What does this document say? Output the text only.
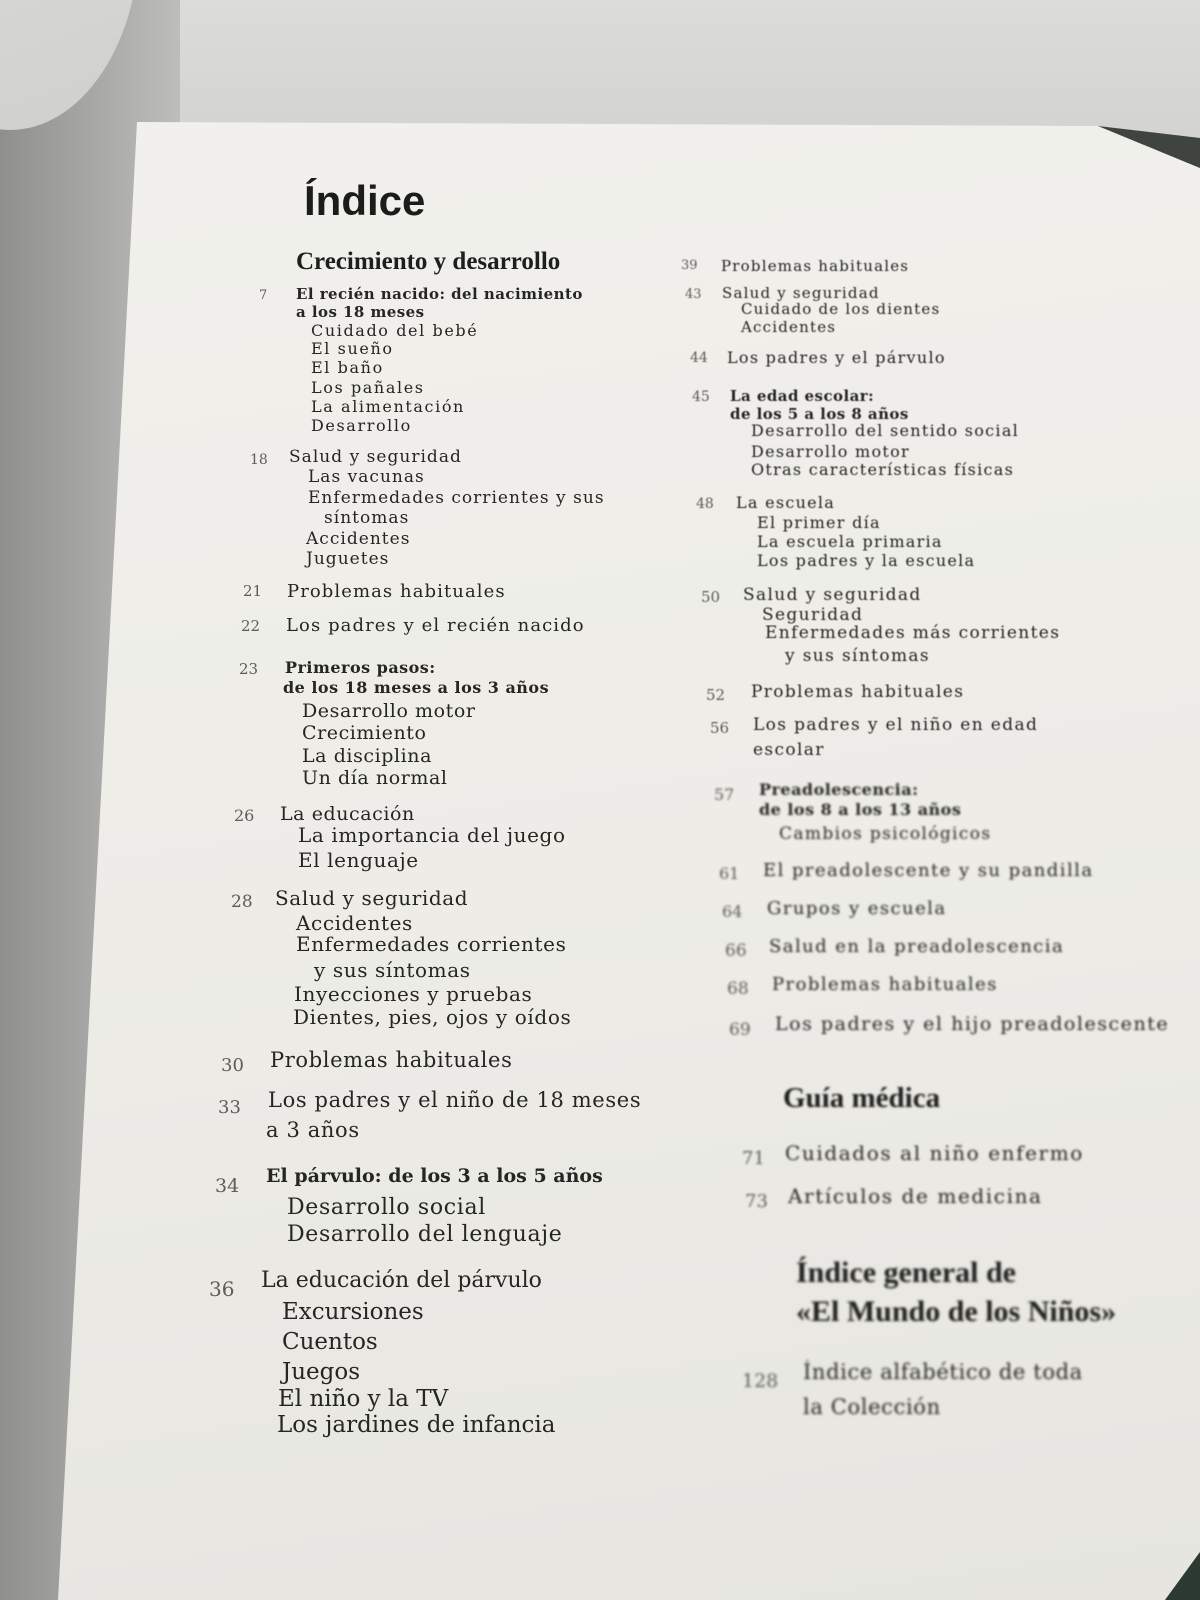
Índice
Crecimiento y desarrollo
7 El recién nacido: del nacimiento
a los 18 meses
Cuidado del bebé
El sueño
El baño
Los pañales
La alimentación
Desarrollo
18 Salud y seguridad
Las vacunas
Enfermedades corrientes y sus
síntomas
Accidentes
Juguetes
21 Problemas habituales
22 Los padres y el recién nacido
23 Primeros pasos:
de los 18 meses a los 3 años
Desarrollo motor
Crecimiento
La disciplina
Un día normal
26 La educación
La importancia del juego
El lenguaje
28 Salud y seguridad
Accidentes
Enfermedades corrientes
y sus síntomas
Inyecciones y pruebas
Dientes, pies, ojos y oídos
30 Problemas habituales
33 Los padres y el niño de 18 meses
a 3 años
34 El párvulo: de los 3 a los 5 años
Desarrollo social
Desarrollo del lenguaje
36 La educación del párvulo
Excursiones
Cuentos
Juegos
El niño y la TV
Los jardines de infancia
39 Problemas habituales
43 Salud y seguridad
Cuidado de los dientes
Accidentes
44 Los padres y el párvulo
45 La edad escolar:
de los 5 a los 8 años
Desarrollo del sentido social
Desarrollo motor
Otras características físicas
48 La escuela
El primer día
La escuela primaria
Los padres y la escuela
50 Salud y seguridad
Seguridad
Enfermedades más corrientes
y sus síntomas
52 Problemas habituales
56 Los padres y el niño en edad
escolar
57 Preadolescencia:
de los 8 a los 13 años
Cambios psicológicos
61 El preadolescente y su pandilla
64 Grupos y escuela
66 Salud en la preadolescencia
68 Problemas habituales
69 Los padres y el hijo preadolescente
Guía médica
71 Cuidados al niño enfermo
73 Artículos de medicina
Índice general de
«El Mundo de los Niños»
128 Índice alfabético de toda
la Colección
